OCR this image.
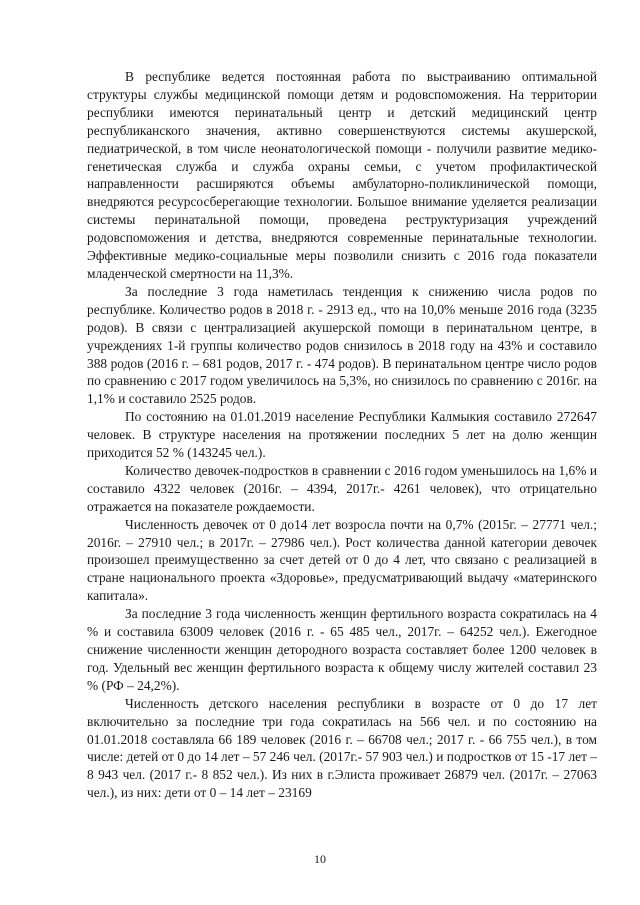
В республике ведется постоянная работа по выстраиванию оптимальной структуры службы медицинской помощи детям и родовспоможения. На территории республики имеются перинатальный центр и детский медицинский центр республиканского значения, активно совершенствуются системы акушерской, педиатрической, в том числе неонатологической помощи - получили развитие медико-генетическая служба и служба охраны семьи, с учетом профилактической направленности расширяются объемы амбулаторно-поликлинической помощи, внедряются ресурсосберегающие технологии. Большое внимание уделяется реализации системы перинатальной помощи, проведена реструктуризация учреждений родовспоможения и детства, внедряются современные перинатальные технологии. Эффективные медико-социальные меры позволили снизить с 2016 года показатели младенческой смертности на 11,3%.

За последние 3 года наметилась тенденция к снижению числа родов по республике. Количество родов в 2018 г. - 2913 ед., что на 10,0% меньше 2016 года (3235 родов). В связи с централизацией акушерской помощи в перинатальном центре, в учреждениях 1-й группы количество родов снизилось в 2018 году на 43% и составило 388 родов (2016 г. – 681 родов, 2017 г. - 474 родов). В перинатальном центре число родов по сравнению с 2017 годом увеличилось на 5,3%, но снизилось по сравнению с 2016г. на 1,1% и составило 2525 родов.

По состоянию на 01.01.2019 население Республики Калмыкия составило 272647 человек. В структуре населения на протяжении последних 5 лет на долю женщин приходится 52 % (143245 чел.).

Количество девочек-подростков в сравнении с 2016 годом уменьшилось на 1,6% и составило 4322 человек (2016г. – 4394, 2017г.- 4261 человек), что отрицательно отражается на показателе рождаемости.

Численность девочек от 0 до14 лет возросла почти на 0,7% (2015г. – 27771 чел.; 2016г. – 27910 чел.; в 2017г. – 27986 чел.). Рост количества данной категории девочек произошел преимущественно за счет детей от 0 до 4 лет, что связано с реализацией в стране национального проекта «Здоровье», предусматривающий выдачу «материнского капитала».

За последние 3 года численность женщин фертильного возраста сократилась на 4 % и составила 63009 человек (2016 г. - 65 485 чел., 2017г. – 64252 чел.). Ежегодное снижение численности женщин детородного возраста составляет более 1200 человек в год. Удельный вес женщин фертильного возраста к общему числу жителей составил 23 % (РФ – 24,2%).

Численность детского населения республики в возрасте от 0 до 17 лет включительно за последние три года сократилась на 566 чел. и по состоянию на 01.01.2018 составляла 66 189 человек (2016 г. – 66708 чел.; 2017 г. - 66 755 чел.), в том числе: детей от 0 до 14 лет – 57 246 чел. (2017г.- 57 903 чел.) и подростков от 15 -17 лет – 8 943 чел. (2017 г.- 8 852 чел.). Из них в г.Элиста проживает 26879 чел. (2017г. – 27063 чел.), из них: дети от 0 – 14 лет – 23169

10
